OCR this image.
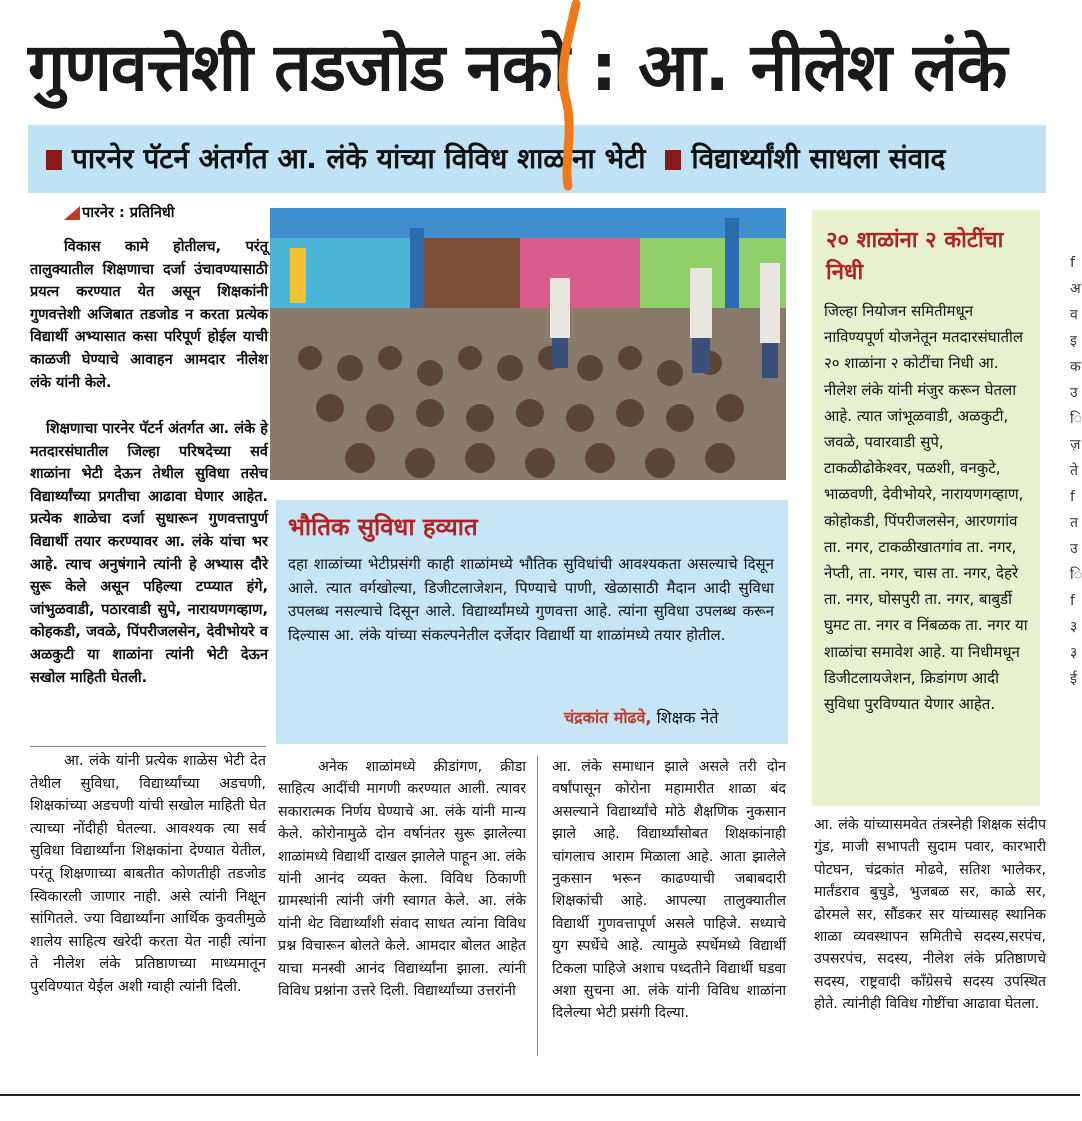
गुणवत्तेशी तडजोड नको : आ. नीलेश लंके
पारनेर पॅटर्न अंतर्गत आ. लंके यांच्या विविध शाळांना भेटी विद्यार्थ्यांशी साधला संवाद
पारनेर : प्रतिनिधी
विकास कामे होतीलच, परंतू तालुक्यातील शिक्षणाचा दर्जा उंचावण्यासाठी प्रयत्न करण्यात येत असून शिक्षकांनी गुणवत्तेशी अजिबात तडजोड न करता प्रत्येक विद्यार्थी अभ्यासात कसा परिपूर्ण होईल याची काळजी घेण्याचे आवाहन आमदार नीलेश लंके यांनी केले.
शिक्षणाचा पारनेर पॅटर्न अंतर्गत आ. लंके हे मतदारसंघातील जिल्हा परिषदेच्या सर्व शाळांना भेटी देऊन तेथील सुविधा तसेच विद्यार्थ्यांच्या प्रगतीचा आढावा घेणार आहेत. प्रत्येक शाळेचा दर्जा सुधारून गुणवत्तापुर्ण विद्यार्थी तयार करण्यावर आ. लंके यांचा भर आहे. त्याच अनुषंगाने त्यांनी हे अभ्यास दौरे सुरू केले असून पहिल्या टप्प्यात हंगे, जांभुळवाडी, पठारवाडी सुपे, नारायणगव्हाण, कोहकडी, जवळे, पिंपरीजलसेन, देवीभोयरे व अळकुटी या शाळांना त्यांनी भेटी देऊन सखोल माहिती घेतली.
आ. लंके यांनी प्रत्येक शाळेस भेटी देत तेथील सुविधा, विद्यार्थ्यांच्या अडचणी, शिक्षकांच्या अडचणी यांची सखोल माहिती घेत त्याच्या नोंदीही घेतल्या. आवश्यक त्या सर्व सुविधा विद्यार्थ्यांना शिक्षकांना देण्यात येतील, परंतू शिक्षणाच्या बाबतीत कोणतीही तडजोड स्विकारली जाणार नाही. असे त्यांनी निक्षून सांगितले. ज्या विद्यार्थ्यांना आर्थिक कुवतीमुळे शालेय साहित्य खरेदी करता येत नाही त्यांना ते नीलेश लंके प्रतिष्ठाणच्या माध्यमातून पुरविण्यात येईल अशी ग्वाही त्यांनी दिली.
भौतिक सुविधा हव्यात
दहा शाळांच्या भेटीप्रसंगी काही शाळांमध्ये भौतिक सुविधांची आवश्यकता असल्याचे दिसून आले. त्यात वर्गखोल्या, डिजीटलाजेशन, पिण्याचे पाणी, खेळासाठी मैदान आदी सुविधा उपलब्ध नसल्याचे दिसून आले. विद्यार्थ्यांमध्ये गुणवत्ता आहे. त्यांना सुविधा उपलब्ध करून दिल्यास आ. लंके यांच्या संकल्पनेतील दर्जेदार विद्यार्थी या शाळांमध्ये तयार होतील.
चंद्रकांत मोढवे, शिक्षक नेते
अनेक शाळांमध्ये क्रीडांगण, क्रीडा साहित्य आदींची मागणी करण्यात आली. त्यावर सकारात्मक निर्णय घेण्याचे आ. लंके यांनी मान्य केले. कोरोनामुळे दोन वर्षानंतर सुरू झालेल्या शाळांमध्ये विद्यार्थी दाखल झालेले पाहून आ. लंके यांनी आनंद व्यक्त केला. विविध ठिकाणी ग्रामस्थांनी त्यांनी जंगी स्वागत केले. आ. लंके यांनी थेट विद्यार्थ्यांशी संवाद साधत त्यांना विविध प्रश्न विचारून बोलते केले. आमदार बोलत आहेत याचा मनस्वी आनंद विद्यार्थ्यांना झाला. त्यांनी विविध प्रश्नांना उत्तरे दिली. विद्यार्थ्यांच्या उत्तरांनी
आ. लंके समाधान झाले असले तरी दोन वर्षांपासून कोरोना महामारीत शाळा बंद असल्याने विद्यार्थ्यांचे मोठे शैक्षणिक नुकसान झाले आहे. विद्यार्थ्यांसोबत शिक्षकांनाही चांगलाच आराम मिळाला आहे. आता झालेले नुकसान भरून काढण्याची जबाबदारी शिक्षकांची आहे. आपल्या तालुक्यातील विद्यार्थी गुणवत्तापूर्ण असले पाहिजे. सध्याचे युग स्पर्धेचे आहे. त्यामुळे स्पर्धेमध्ये विद्यार्थी टिकला पाहिजे अशाच पध्दतीने विद्यार्थी घडवा अशा सुचना आ. लंके यांनी विविध शाळांना दिलेल्या भेटी प्रसंगी दिल्या.
२० शाळांना २ कोटींचा निधी
जिल्हा नियोजन समितीमधून नाविण्यपूर्ण योजनेतून मतदारसंघातील २० शाळांना २ कोटींचा निधी आ. नीलेश लंके यांनी मंजुर करून घेतला आहे. त्यात जांभूळवाडी, अळकुटी, जवळे, पवारवाडी सुपे, टाकळीढोकेश्वर, पळशी, वनकुटे, भाळवणी, देवीभोयरे, नारायणगव्हाण, कोहोकडी, पिंपरीजलसेन, आरणगांव ता. नगर, टाकळीखातगांव ता. नगर, नेप्ती, ता. नगर, चास ता. नगर, देहरे ता. नगर, घोसपुरी ता. नगर, बाबुर्डी घुमट ता. नगर व निंबळक ता. नगर या शाळांचा समावेश आहे. या निधीमधून डिजीटलायजेशन, क्रिडांगण आदी सुविधा पुरविण्यात येणार आहेत.
आ. लंके यांच्यासमवेत तंत्रस्नेही शिक्षक संदीप गुंड, माजी सभापती सुदाम पवार, कारभारी पोटघन, चंद्रकांत मोढवे, सतिश भालेकर, मार्तंडराव बुचुडे, भुजबळ सर, काळे सर, ढोरमले सर, सौंडकर सर यांच्यासह स्थानिक शाळा व्यवस्थापन समितीचे सदस्य,सरपंच, उपसरपंच, सदस्य, नीलेश लंके प्रतिष्ठाणचे सदस्य, राष्ट्रवादी काँग्रेसचे सदस्य उपस्थित होते. त्यांनीही विविध गोष्टींचा आढावा घेतला.
f अ व इ क उ ि ज़ ते f त उ ि f ३ ३ ई
